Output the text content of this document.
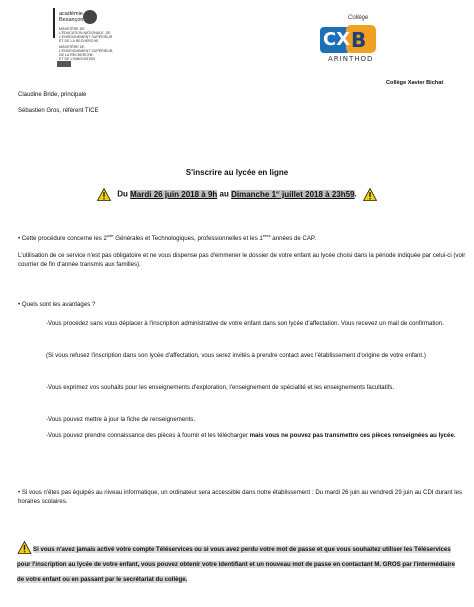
académie
Besançon
MINISTÈRE DE
L'ÉDUCATION NATIONALE, DE
L'ENSEIGNEMENT SUPÉRIEUR
ET DE LA RECHERCHE
MINISTÈRE DE
L'ENSEIGNEMENT SUPÉRIEUR,
DE LA RECHERCHE
ET DE L'INNOVATION
Collège
CX B
ARINTHOD
Collège Xavier Bichat
Claudine Bride, principale
Sébastien Gros, référent TICE
S'inscrire au lycée en ligne
Du Mardi 26 juin 2018 à 9h au Dimanche 1er juillet 2018 à 23h59.
• Cette procédure concerne les 2nde Générales et Technologiques, professionnelles et les 1ères années de CAP.
L'utilisation de ce service n'est pas obligatoire et ne vous dispense pas d'emmener le dossier de votre enfant au lycée choisi dans la période indiquée par celui-ci (voir courrier de fin d'année transmis aux familles).
• Quels sont les avantages ?
-Vous procédez sans vous déplacer à l'inscription administrative de votre enfant dans son lycée d'affectation. Vous recevez un mail de confirmation.
(Si vous refusez l'inscription dans son lycée d'affectation, vous serez invités à prendre contact avec l'établissement d'origine de votre enfant.)
-Vous exprimez vos souhaits pour les enseignements d'exploration, l'enseignement de spécialité et les enseignements facultatifs.
-Vous pouvez mettre à jour la fiche de renseignements.
-Vous pouvez prendre connaissance des pièces à fournir et les télécharger mais vous ne pouvez pas transmettre ces pièces renseignées au lycée.
• Si vous n'êtes pas équipés au niveau informatique, un ordinateur sera accessible dans notre établissement : Du mardi 26 juin au vendredi 29 juin au CDI durant les horaires scolaires.
Si vous n'avez jamais activé votre compte Téléservices ou si vous avez perdu votre mot de passe et que vous souhaitez utiliser les Téléservices pour l'inscription au lycée de votre enfant, vous pouvez obtenir votre identifiant et un nouveau mot de passe en contactant M. GROS par l'intermédiaire de votre enfant ou en passant par le secrétariat du collège.
